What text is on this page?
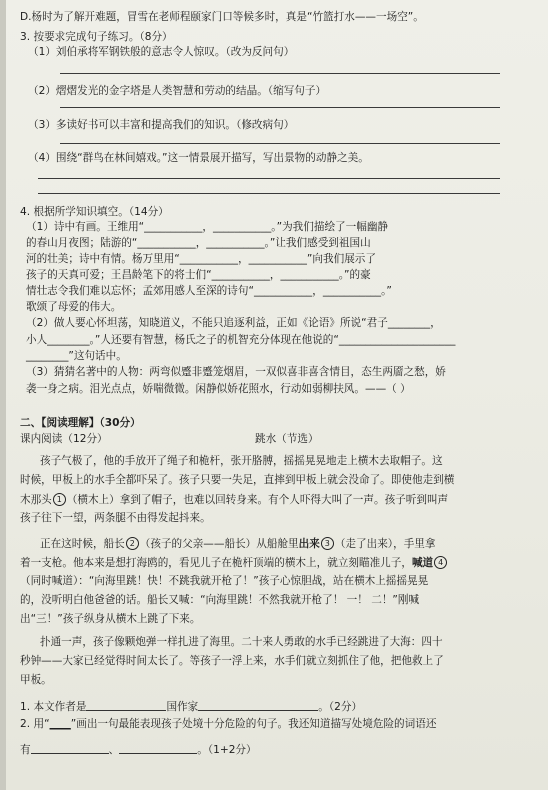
D.杨时为了解开难题，冒雪在老师程颐家门口等候多时，真是“竹篮打水——一场空”。
3. 按要求完成句子练习。（8分）
（1）刘伯承将军钢铁般的意志令人惊叹。（改为反问句）
（2）熠熠发光的金字塔是人类智慧和劳动的结晶。（缩写句子）
（3）多读好书可以丰富和提高我们的知识。（修改病句）
（4）围绕“群鸟在林间嬉戏。”这一情景展开描写，写出景物的动静之美。
4. 根据所学知识填空。（14分）
（1）诗中有画。王维用“___________，___________。”为我们描绘了一幅幽静
的春山月夜图；陆游的“___________，___________。”让我们感受到祖国山
河的壮美；诗中有情。杨万里用“___________，___________”向我们展示了
孩子的天真可爱；王昌龄笔下的将士们“___________，___________。”的豪
情壮志令我们难以忘怀；孟郊用感人至深的诗句“___________，___________。”
歌颂了母爱的伟大。
（2）做人要心怀坦荡，知晓道义，不能只追逐利益，正如《论语》所说“君子________，
小人________。”人还要有智慧，杨氏之子的机智充分体现在他说的“______________________
________”这句话中。
（3）猜猜名著中的人物：两弯似蹙非蹙笼烟眉，一双似喜非喜含情目，态生两靥之愁，娇
袭一身之病。泪光点点，娇喘微微。闲静似娇花照水，行动如弱柳扶风。——（ ）
二、【阅读理解】（30分）
课内阅读（12分）	跳水（节选）
孩子气极了，他的手放开了绳子和桅杆，张开胳膊，摇摇晃晃地走上横木去取帽子。这
时候，甲板上的水手全都吓呆了。孩子只要一失足，直摔到甲板上就会没命了。即使他走到横
木那头 1 （横木上）拿到了帽子，也难以回转身来。有个人吓得大叫了一声。孩子听到叫声
孩子往下一望，两条腿不由得发起抖来。
正在这时候，船长 2 （孩子的父亲——船长）从船舱里出来 3 （走了出来），手里拿
着一支枪。他本来是想打海鸥的，看见儿子在桅杆顶端的横木上，就立刻瞄准儿子，喊道 4
（同时喊道）：“向海里跳！快！不跳我就开枪了！”孩子心惊胆战，站在横木上摇摇晃晃
的，没听明白他爸爸的话。船长又喊：“向海里跳！不然我就开枪了！ 一！ 二！”刚喊
出“三！”孩子纵身从横木上跳了下来。
扑通一声，孩子像颗炮弹一样扎进了海里。二十来人勇敢的水手已经跳进了大海：四十
秒钟——大家已经觉得时间太长了。等孩子一浮上来，水手们就立刻抓住了他，把他救上了
甲板。
1. 本文作者是	国作家	。（2分）
2. 用“____”画出一句最能表现孩子处境十分危险的句子。我还知道描写处境危险的词语还
有	、	。（1+2分）
